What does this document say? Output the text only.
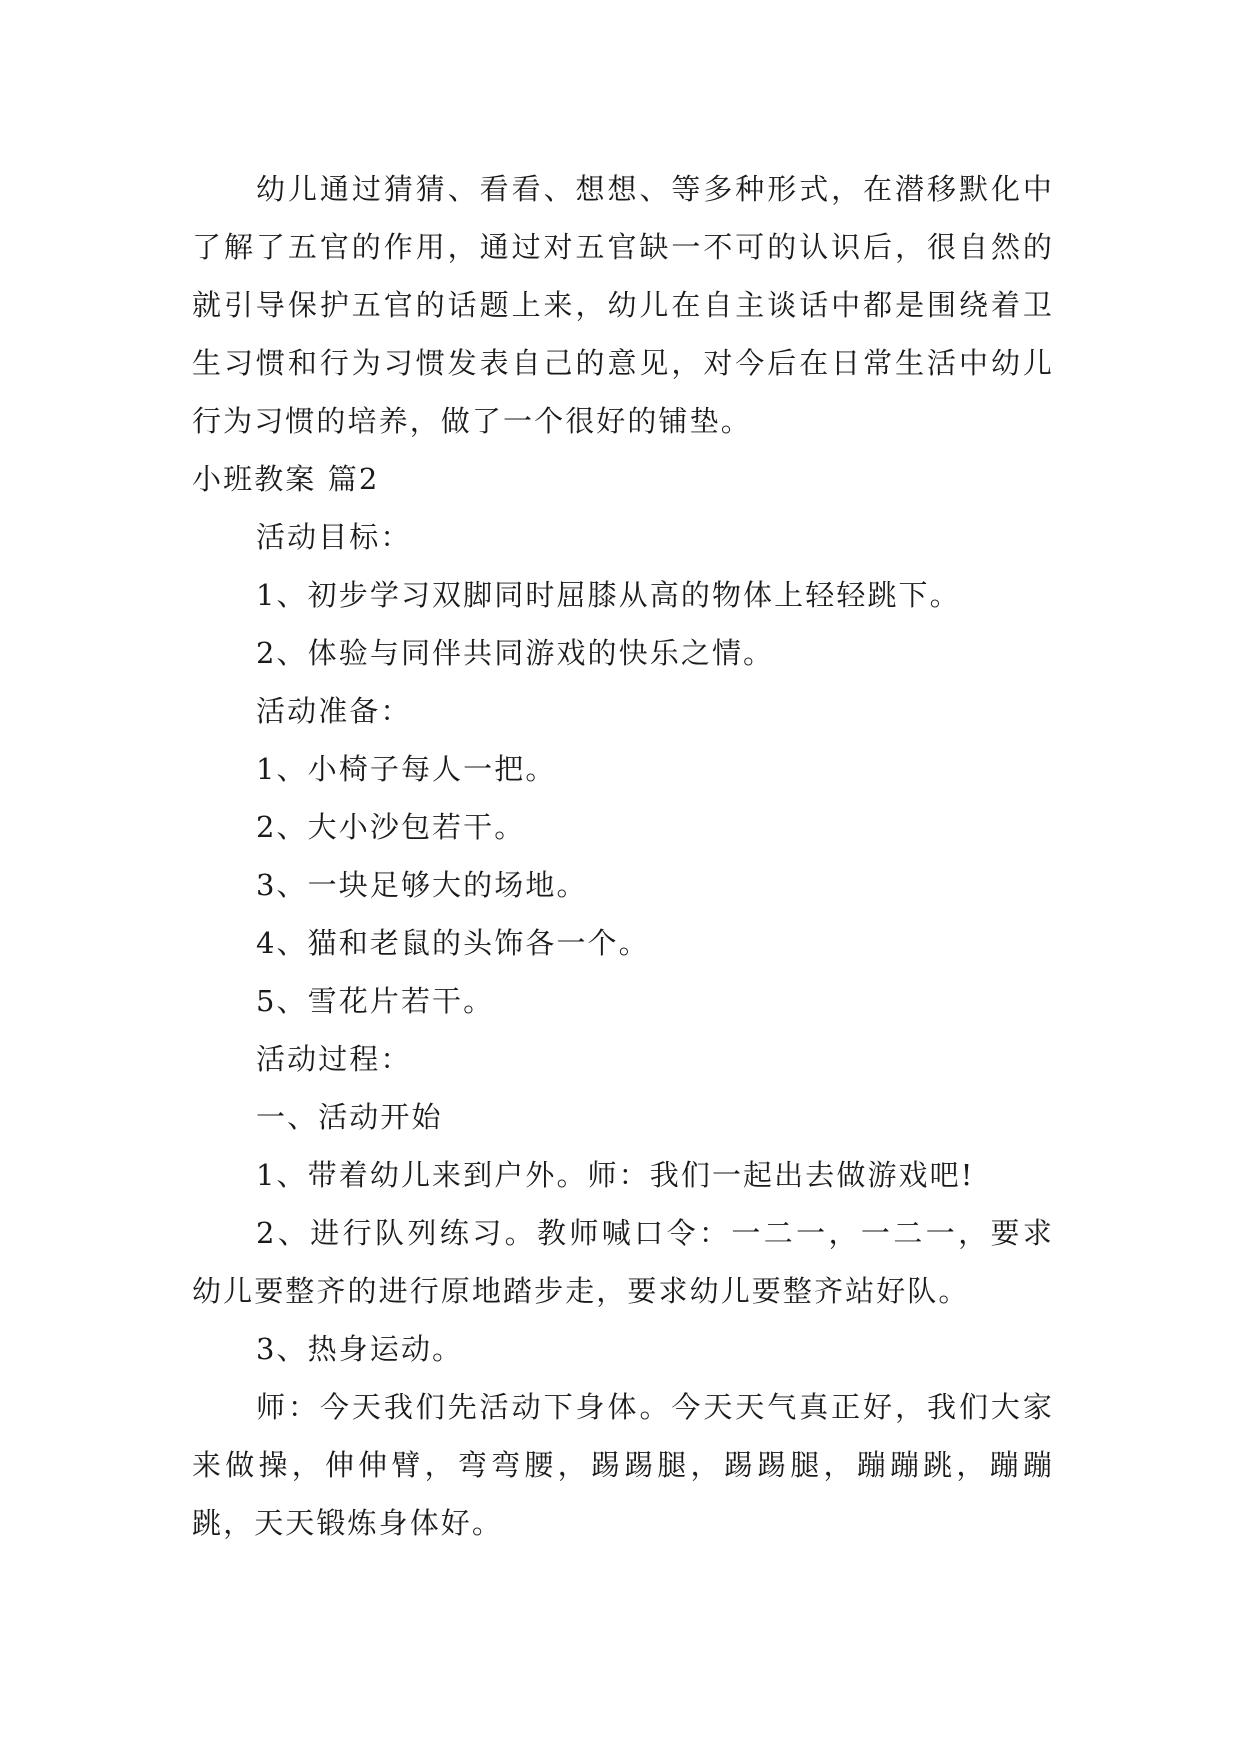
幼儿通过猜猜、看看、想想、等多种形式，在潜移默化中了解了五官的作用，通过对五官缺一不可的认识后，很自然的就引导保护五官的话题上来，幼儿在自主谈话中都是围绕着卫生习惯和行为习惯发表自己的意见，对今后在日常生活中幼儿行为习惯的培养，做了一个很好的铺垫。

小班教案 篇2

活动目标：

1、初步学习双脚同时屈膝从高的物体上轻轻跳下。

2、体验与同伴共同游戏的快乐之情。

活动准备：

1、小椅子每人一把。

2、大小沙包若干。

3、一块足够大的场地。

4、猫和老鼠的头饰各一个。

5、雪花片若干。

活动过程：

一、活动开始

1、带着幼儿来到户外。师：我们一起出去做游戏吧!

2、进行队列练习。教师喊口令：一二一，一二一，要求幼儿要整齐的进行原地踏步走，要求幼儿要整齐站好队。

3、热身运动。

师：今天我们先活动下身体。今天天气真正好，我们大家来做操，伸伸臂，弯弯腰，踢踢腿，踢踢腿，蹦蹦跳，蹦蹦跳，天天锻炼身体好。
